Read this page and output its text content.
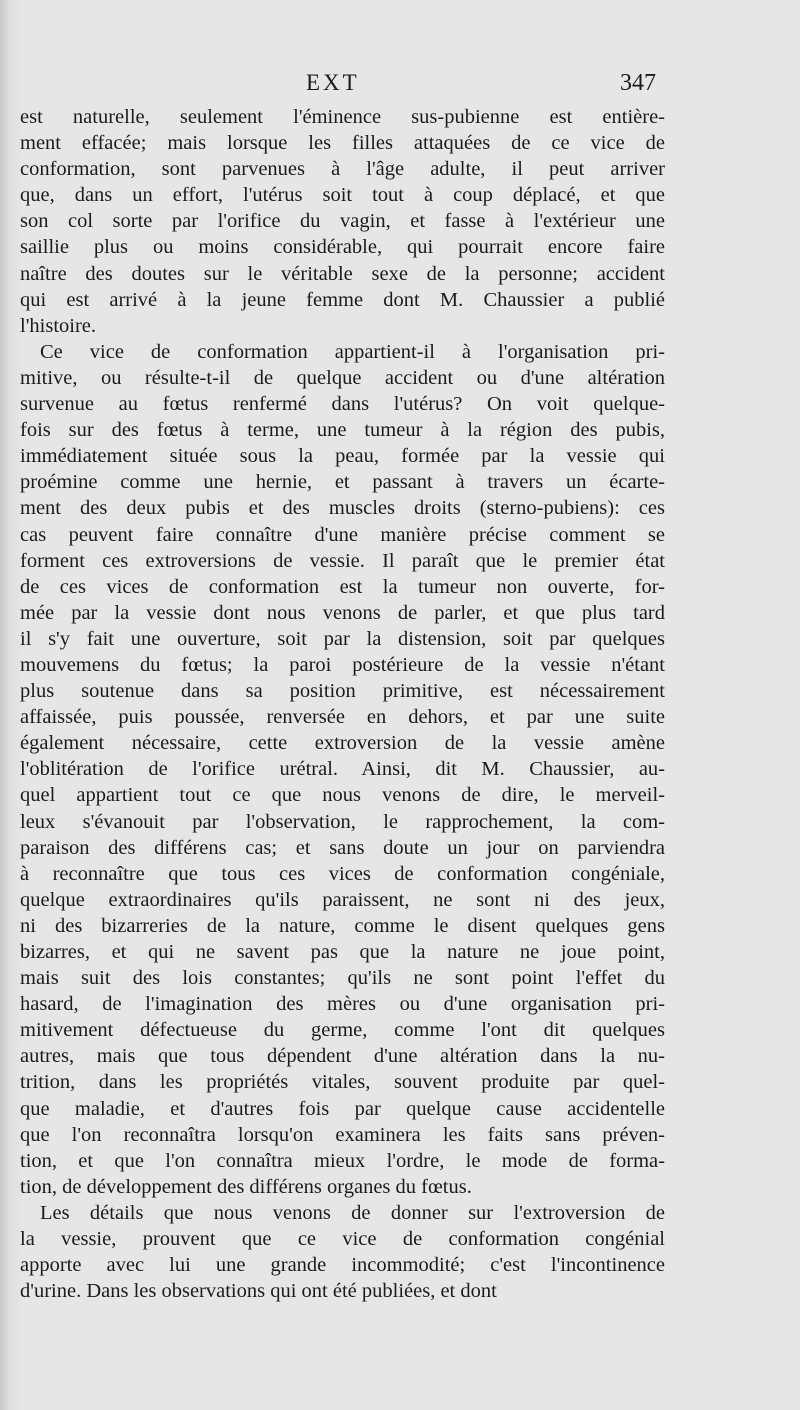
EXT	347
est naturelle, seulement l'éminence sus-pubienne est entière-
ment effacée; mais lorsque les filles attaquées de ce vice de
conformation, sont parvenues à l'âge adulte, il peut arriver
que, dans un effort, l'utérus soit tout à coup déplacé, et que
son col sorte par l'orifice du vagin, et fasse à l'extérieur une
saillie plus ou moins considérable, qui pourrait encore faire
naître des doutes sur le véritable sexe de la personne; accident
qui est arrivé à la jeune femme dont M. Chaussier a publié
l'histoire.
Ce vice de conformation appartient-il à l'organisation pri-
mitive, ou résulte-t-il de quelque accident ou d'une altération
survenue au fœtus renfermé dans l'utérus? On voit quelque-
fois sur des fœtus à terme, une tumeur à la région des pubis,
immédiatement située sous la peau, formée par la vessie qui
proémine comme une hernie, et passant à travers un écarte-
ment des deux pubis et des muscles droits (sterno-pubiens): ces
cas peuvent faire connaître d'une manière précise comment se
forment ces extroversions de vessie. Il paraît que le premier état
de ces vices de conformation est la tumeur non ouverte, for-
mée par la vessie dont nous venons de parler, et que plus tard
il s'y fait une ouverture, soit par la distension, soit par quelques
mouvemens du fœtus; la paroi postérieure de la vessie n'étant
plus soutenue dans sa position primitive, est nécessairement
affaissée, puis poussée, renversée en dehors, et par une suite
également nécessaire, cette extroversion de la vessie amène
l'oblitération de l'orifice urétral. Ainsi, dit M. Chaussier, au-
quel appartient tout ce que nous venons de dire, le merveil-
leux s'évanouit par l'observation, le rapprochement, la com-
paraison des différens cas; et sans doute un jour on parviendra
à reconnaître que tous ces vices de conformation congéniale,
quelque extraordinaires qu'ils paraissent, ne sont ni des jeux,
ni des bizarreries de la nature, comme le disent quelques gens
bizarres, et qui ne savent pas que la nature ne joue point,
mais suit des lois constantes; qu'ils ne sont point l'effet du
hasard, de l'imagination des mères ou d'une organisation pri-
mitivement défectueuse du germe, comme l'ont dit quelques
autres, mais que tous dépendent d'une altération dans la nu-
trition, dans les propriétés vitales, souvent produite par quel-
que maladie, et d'autres fois par quelque cause accidentelle
que l'on reconnaîtra lorsqu'on examinera les faits sans préven-
tion, et que l'on connaîtra mieux l'ordre, le mode de forma-
tion, de développement des différens organes du fœtus.
Les détails que nous venons de donner sur l'extroversion de
la vessie, prouvent que ce vice de conformation congénial
apporte avec lui une grande incommodité; c'est l'incontinence
d'urine. Dans les observations qui ont été publiées, et dont
